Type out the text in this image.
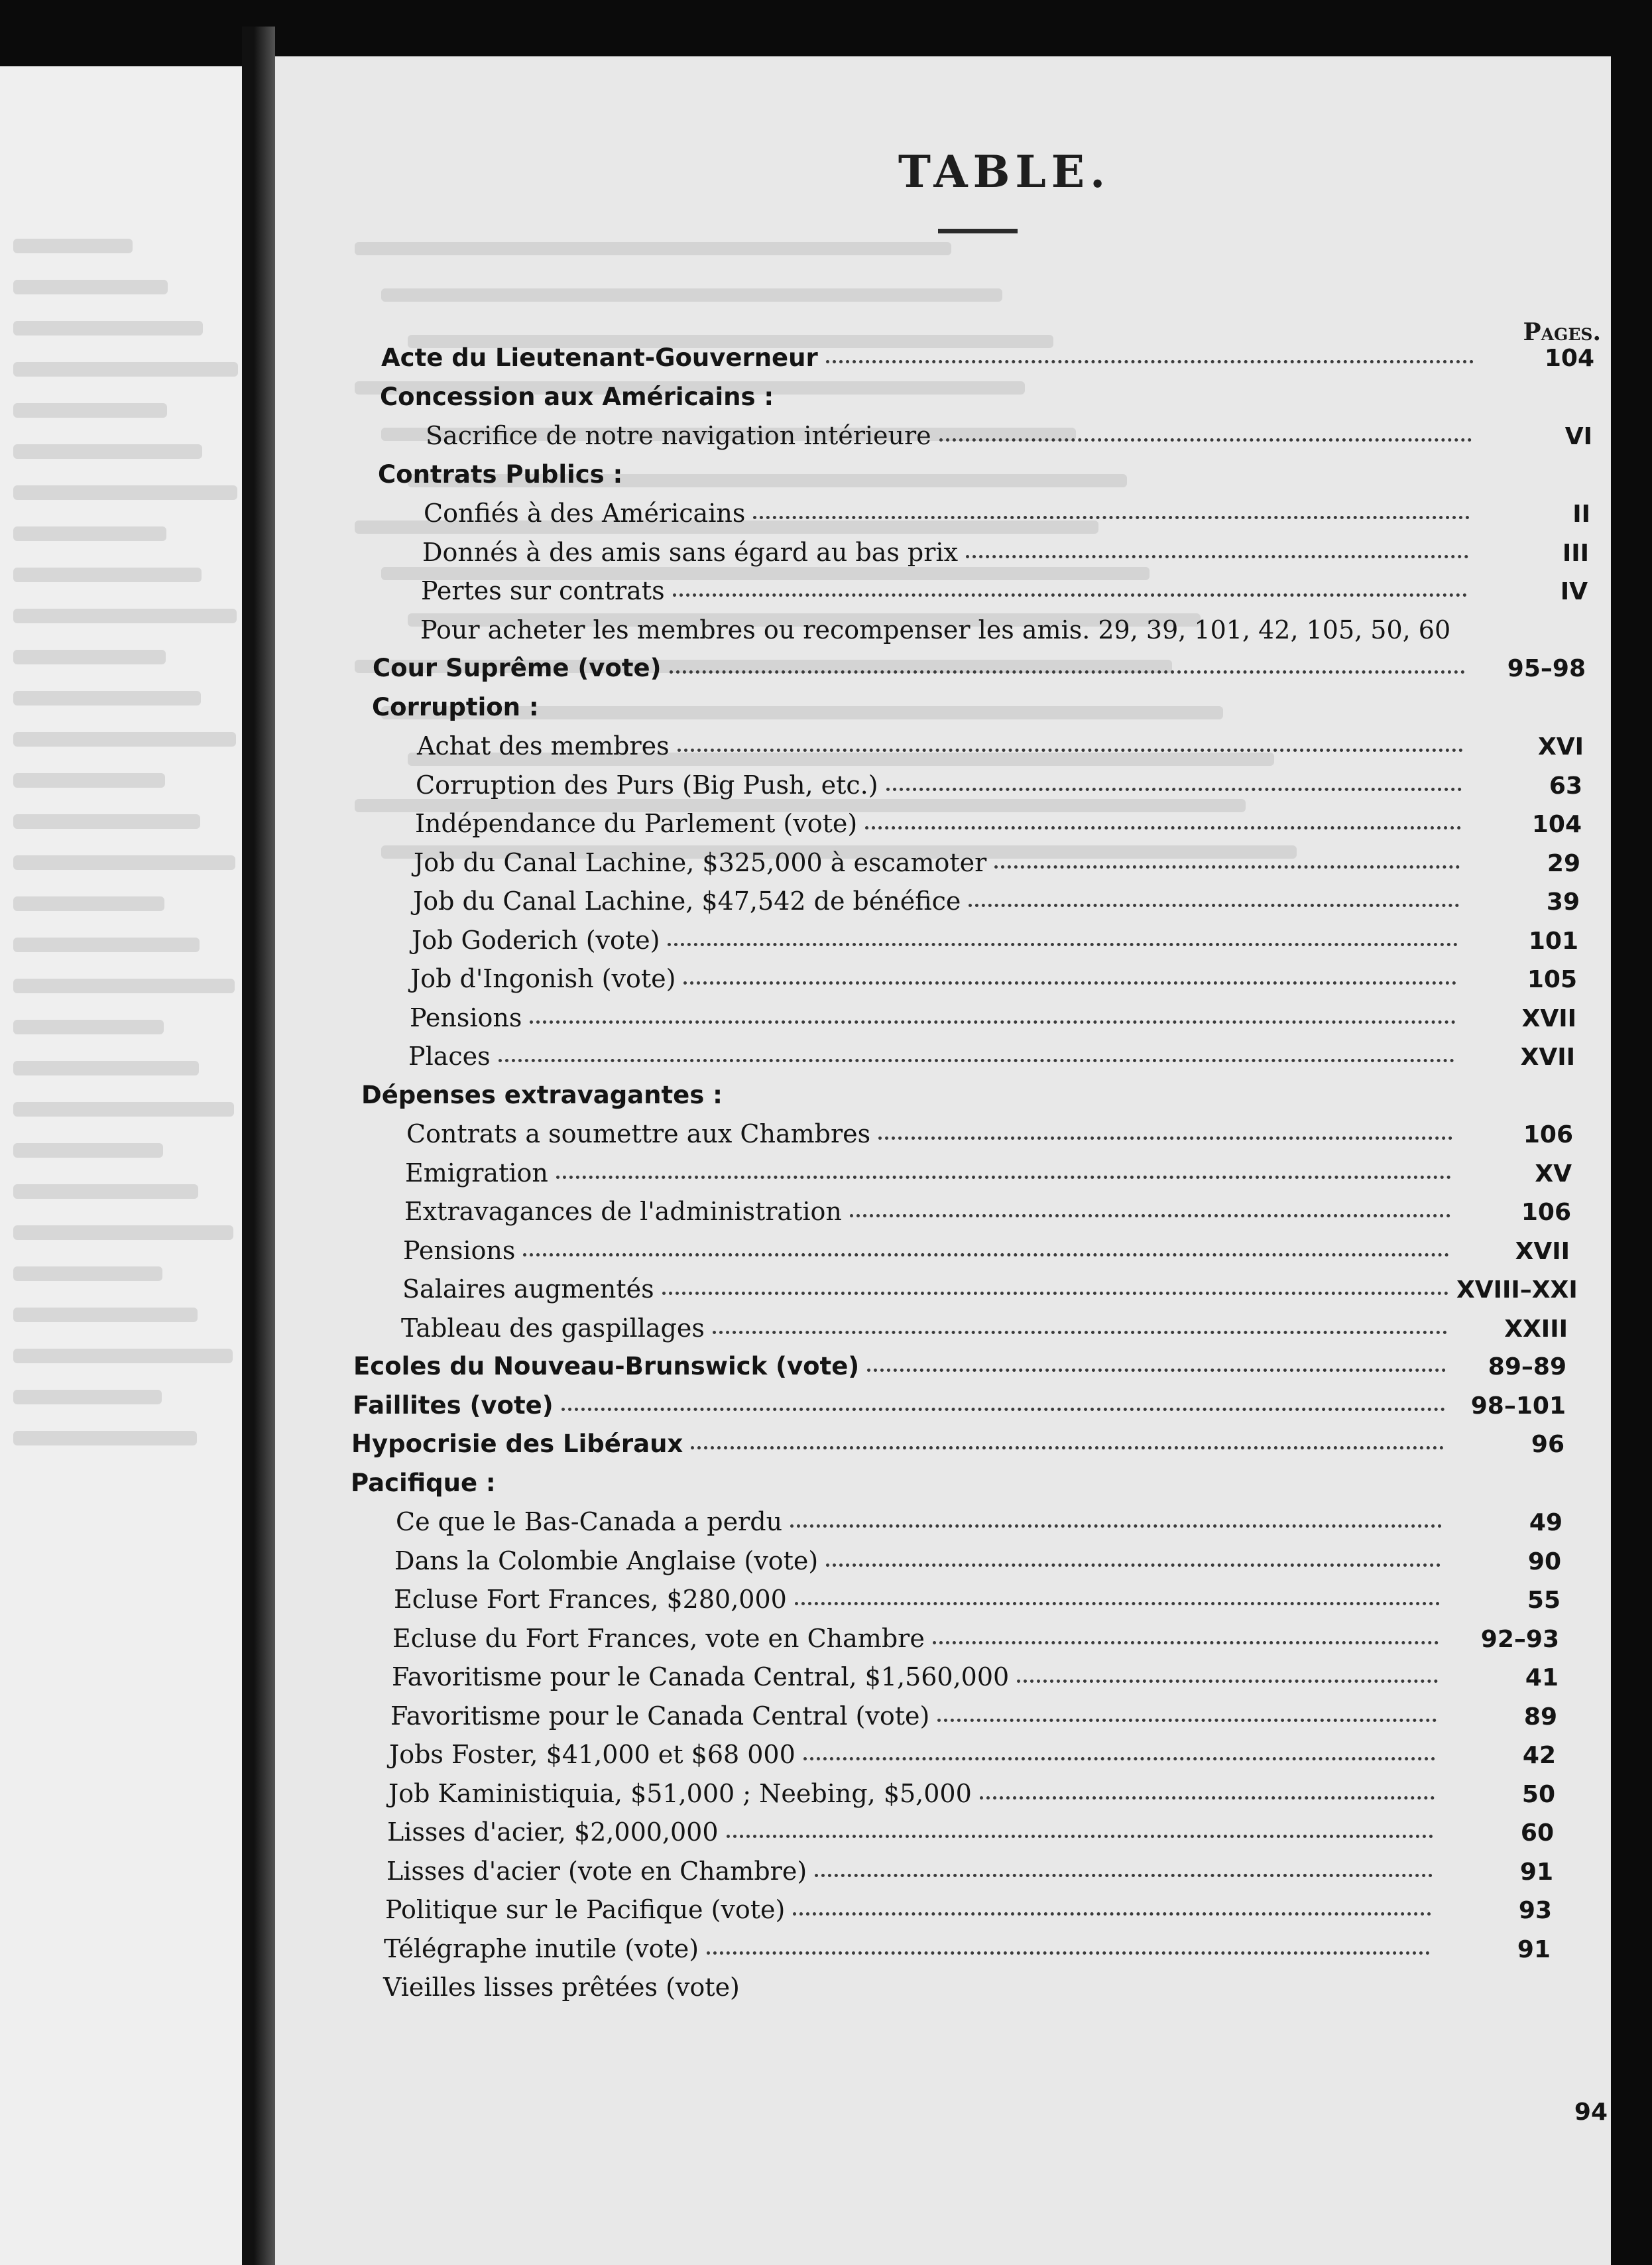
TABLE.
Pages.
Acte du Lieutenant-Gouverneur	104
Concession aux Américains :
Sacrifice de notre navigation intérieure	VI
Contrats Publics :
Confiés à des Américains	II
Donnés à des amis sans égard au bas prix	III
Pertes sur contrats	IV
Pour acheter les membres ou recompenser les amis. 29, 39, 101, 42, 105, 50, 60
Cour Suprême (vote)	95–98
Corruption :
Achat des membres	XVI
Corruption des Purs (Big Push, etc.)	63
Indépendance du Parlement (vote)	104
Job du Canal Lachine, $325,000 à escamoter	29
Job du Canal Lachine, $47,542 de bénéfice	39
Job Goderich (vote)	101
Job d'Ingonish (vote)	105
Pensions	XVII
Places	XVII
Dépenses extravagantes :
Contrats a soumettre aux Chambres	106
Emigration	XV
Extravagances de l'administration	106
Pensions	XVII
Salaires augmentés	XVIII–XXI
Tableau des gaspillages	XXIII
Ecoles du Nouveau-Brunswick (vote)	89–89
Faillites (vote)	98–101
Hypocrisie des Libéraux	96
Pacifique :
Ce que le Bas-Canada a perdu	49
Dans la Colombie Anglaise (vote)	90
Ecluse Fort Frances, $280,000	55
Ecluse du Fort Frances, vote en Chambre	92–93
Favoritisme pour le Canada Central, $1,560,000	41
Favoritisme pour le Canada Central (vote)	89
Jobs Foster, $41,000 et $68 000	42
Job Kaministiquia, $51,000 ; Neebing, $5,000	50
Lisses d'acier, $2,000,000	60
Lisses d'acier (vote en Chambre)	91
Politique sur le Pacifique (vote)	93
Télégraphe inutile (vote)	91
Vieilles lisses prêtées (vote)
94
